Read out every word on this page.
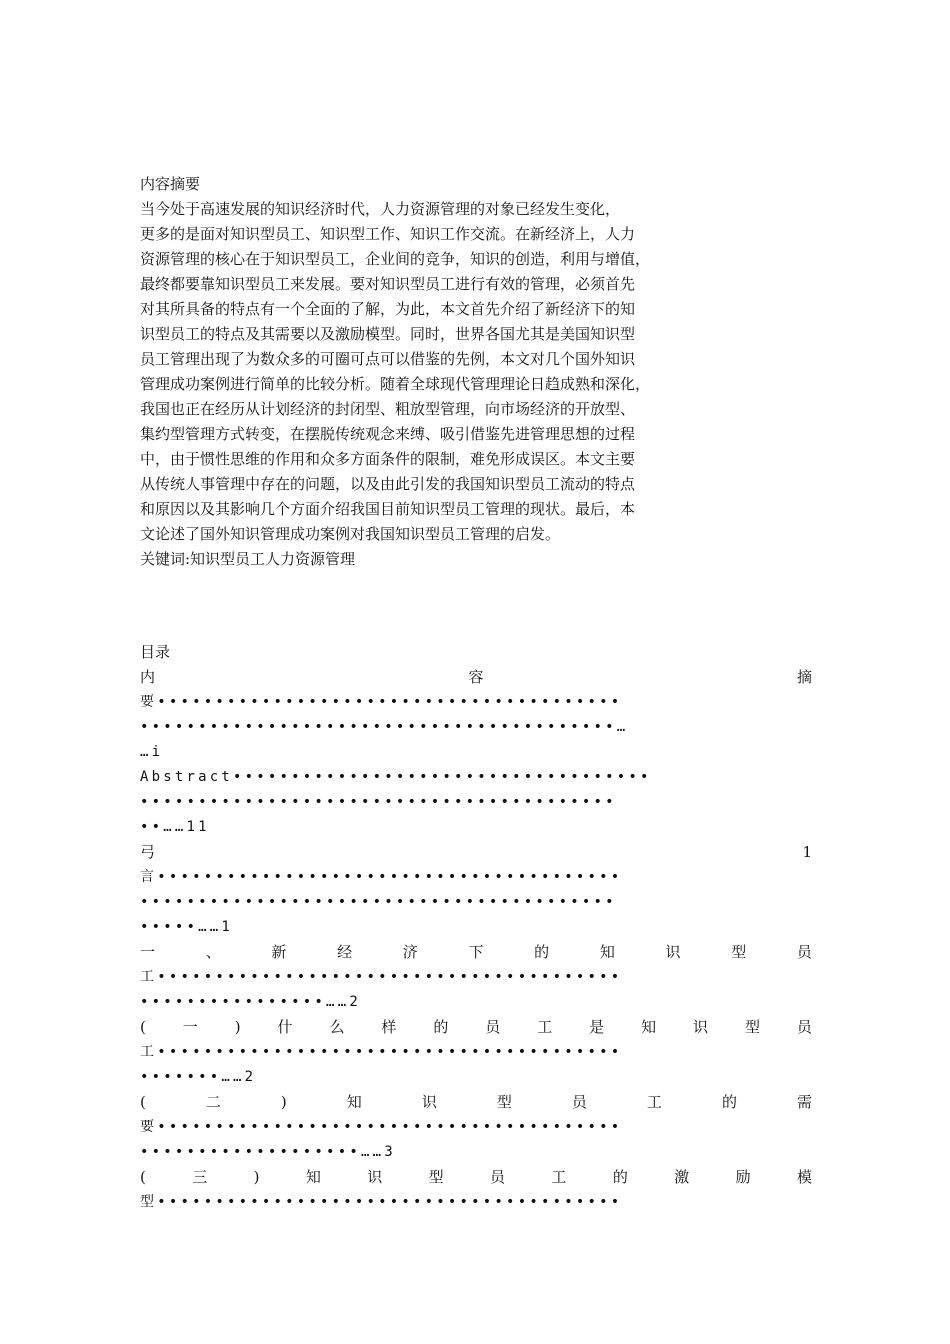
内容摘要
当今处于高速发展的知识经济时代，人力资源管理的对象已经发生变化，
更多的是面对知识型员工、知识型工作、知识工作交流。在新经济上，人力
资源管理的核心在于知识型员工，企业间的竞争，知识的创造，利用与增值，
最终都要靠知识型员工来发展。要对知识型员工进行有效的管理，必须首先
对其所具备的特点有一个全面的了解，为此，本文首先介绍了新经济下的知
识型员工的特点及其需要以及激励模型。同时，世界各国尤其是美国知识型
员工管理出现了为数众多的可圈可点可以借鉴的先例，本文对几个国外知识
管理成功案例进行简单的比较分析。随着全球现代管理理论日趋成熟和深化，
我国也正在经历从计划经济的封闭型、粗放型管理，向市场经济的开放型、
集约型管理方式转变，在摆脱传统观念来缚、吸引借鉴先进管理思想的过程
中，由于惯性思维的作用和众多方面条件的限制，难免形成误区。本文主要
从传统人事管理中存在的问题，以及由此引发的我国知识型员工流动的特点
和原因以及其影响几个方面介绍我国目前知识型员工管理的现状。最后，本
文论述了国外知识管理成功案例对我国知识型员工管理的启发。
关键词:知识型员工人力资源管理
目录
内	容	摘
要••••••••••••••••••••••••••••••••••••••••
•••••••••••••••••••••••••••••••••••••••••…
…i
Abstract••••••••••••••••••••••••••••••••••••
•••••••••••••••••••••••••••••••••••••••••
••……11
弓	1
言••••••••••••••••••••••••••••••••••••••••
•••••••••••••••••••••••••••••••••••••••••
•••••……1
一	、	新	经	济	下	的	知	识	型	员
工••••••••••••••••••••••••••••••••••••••••
••••••••••••••••……2
( 一 ) 什 么 样 的 员 工 是 知 识 型 员
工••••••••••••••••••••••••••••••••••••••••
•••••••……2
(	二	)	知	识	型	员	工	的	需
要••••••••••••••••••••••••••••••••••••••••
•••••••••••••••••••……3
(	三	)	知	识	型	员	工	的	激	励	模
型••••••••••••••••••••••••••••••••••••••••
